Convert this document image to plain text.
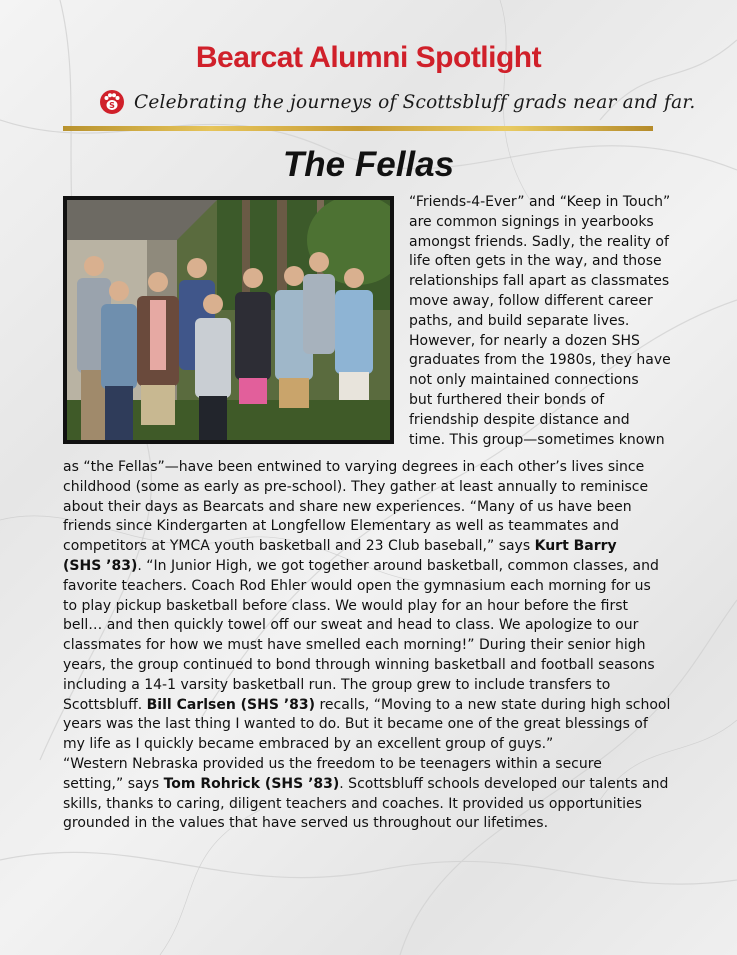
Bearcat Alumni Spotlight
S Celebrating the journeys of Scottsbluff grads near and far.
The Fellas
“Friends-4-Ever” and “Keep in Touch”
are common signings in yearbooks
amongst friends. Sadly, the reality of
life often gets in the way, and those
relationships fall apart as classmates
move away, follow different career
paths, and build separate lives.
However, for nearly a dozen SHS
graduates from the 1980s, they have
not only maintained connections
but furthered their bonds of
friendship despite distance and
time. This group—sometimes known
as “the Fellas”—have been entwined to varying degrees in each other’s lives since
childhood (some as early as pre-school). They gather at least annually to reminisce
about their days as Bearcats and share new experiences. “Many of us have been
friends since Kindergarten at Longfellow Elementary as well as teammates and
competitors at YMCA youth basketball and 23 Club baseball,” says Kurt Barry
(SHS ’83). “In Junior High, we got together around basketball, common classes, and
favorite teachers. Coach Rod Ehler would open the gymnasium each morning for us
to play pickup basketball before class. We would play for an hour before the first
bell… and then quickly towel off our sweat and head to class. We apologize to our
classmates for how we must have smelled each morning!” During their senior high
years, the group continued to bond through winning basketball and football seasons
including a 14-1 varsity basketball run. The group grew to include transfers to
Scottsbluff. Bill Carlsen (SHS ’83) recalls, “Moving to a new state during high school
years was the last thing I wanted to do. But it became one of the great blessings of
my life as I quickly became embraced by an excellent group of guys.”
“Western Nebraska provided us the freedom to be teenagers within a secure
setting,” says Tom Rohrick (SHS ’83). Scottsbluff schools developed our talents and
skills, thanks to caring, diligent teachers and coaches. It provided us opportunities
grounded in the values that have served us throughout our lifetimes.
